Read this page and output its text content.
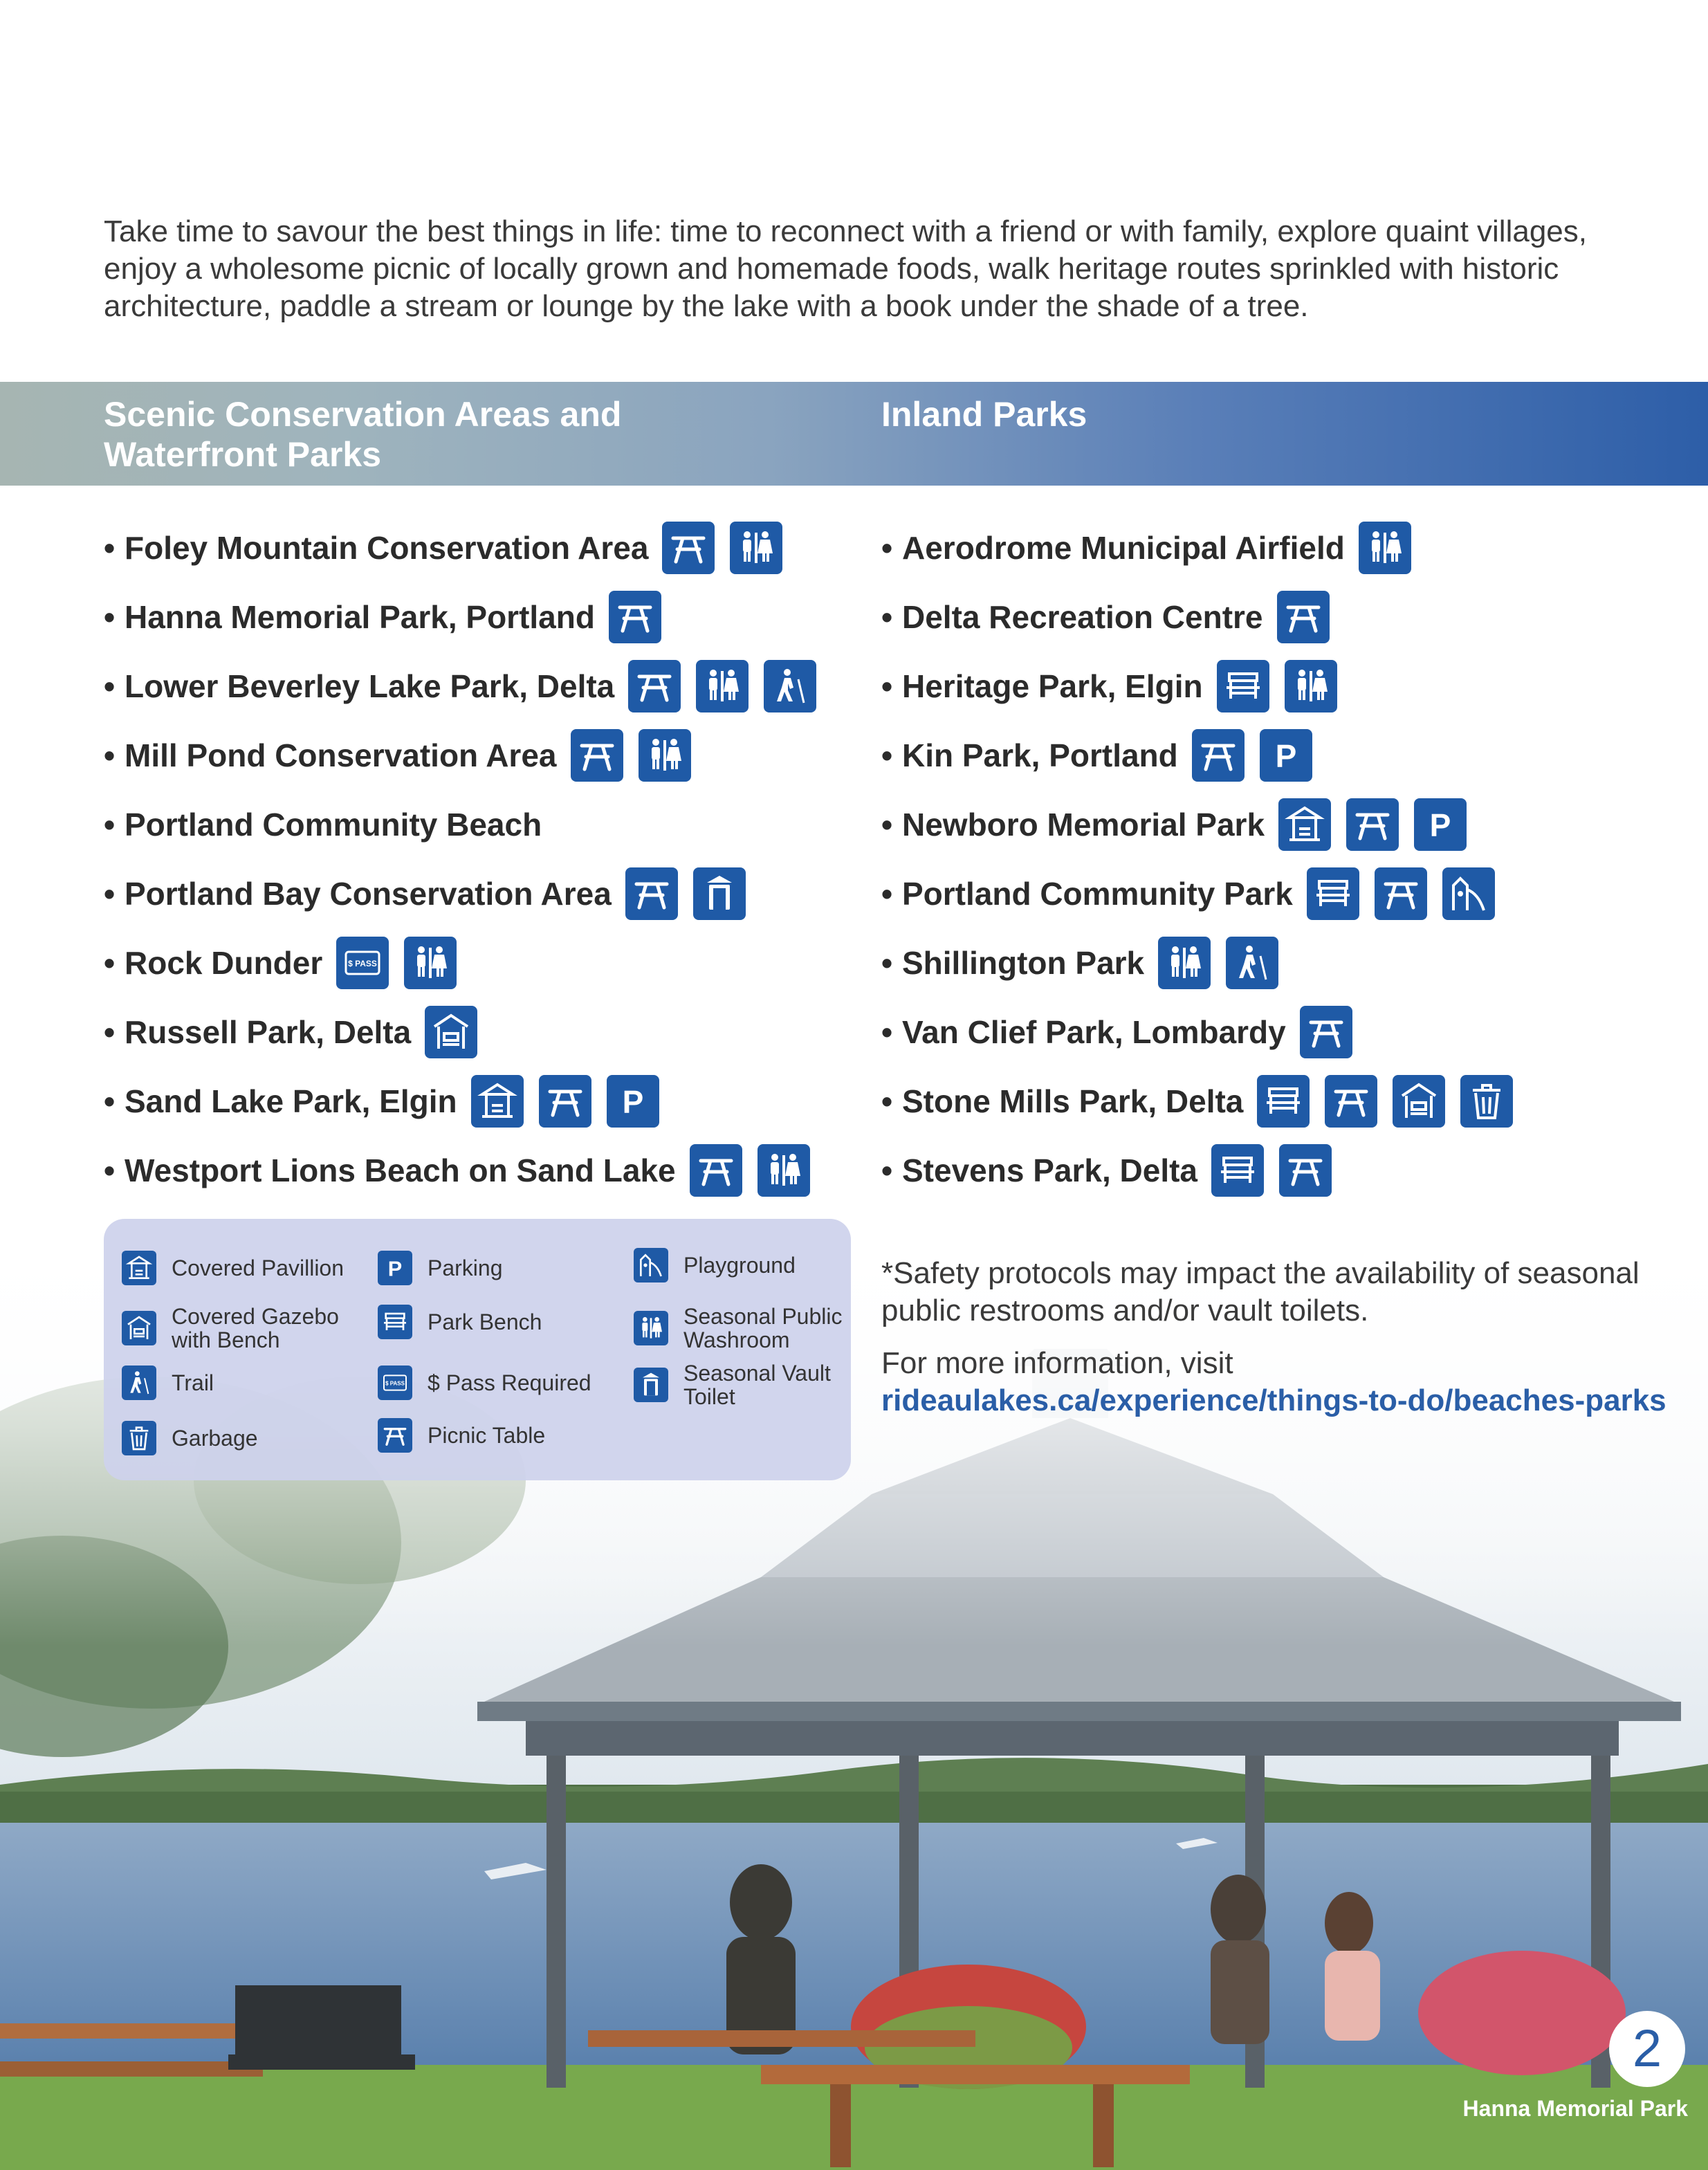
Take time to savour the best things in life: time to reconnect with a friend or with family, explore quaint villages, enjoy a wholesome picnic of locally grown and homemade foods, walk heritage routes sprinkled with historic architecture, paddle a stream or lounge by the lake with a book under the shade of a tree.

Scenic Conservation Areas and Waterfront Parks
Inland Parks
• Foley Mountain Conservation Area
• Hanna Memorial Park, Portland
• Lower Beverley Lake Park, Delta
• Mill Pond Conservation Area
• Portland Community Beach
• Portland Bay Conservation Area
• Rock Dunder	$ PASS
• Russell Park, Delta
• Sand Lake Park, Elgin	P
• Westport Lions Beach on Sand Lake
• Aerodrome Municipal Airfield
• Delta Recreation Centre
• Heritage Park, Elgin
• Kin Park, Portland	P
• Newboro Memorial Park	P
• Portland Community Park
• Shillington Park
• Van Clief Park, Lombardy
• Stone Mills Park, Delta
• Stevens Park, Delta
Covered Pavillion
Covered Gazebo with Bench
Trail
Garbage
P Parking
Park Bench
$ PASS $ Pass Required
Picnic Table
Playground
Seasonal Public Washroom
Seasonal Vault Toilet

*Safety protocols may impact the availability of seasonal public restrooms and/or vault toilets.

For more information, visit rideaulakes.ca/experience/things-to-do/beaches-parks

2
Hanna Memorial Park
